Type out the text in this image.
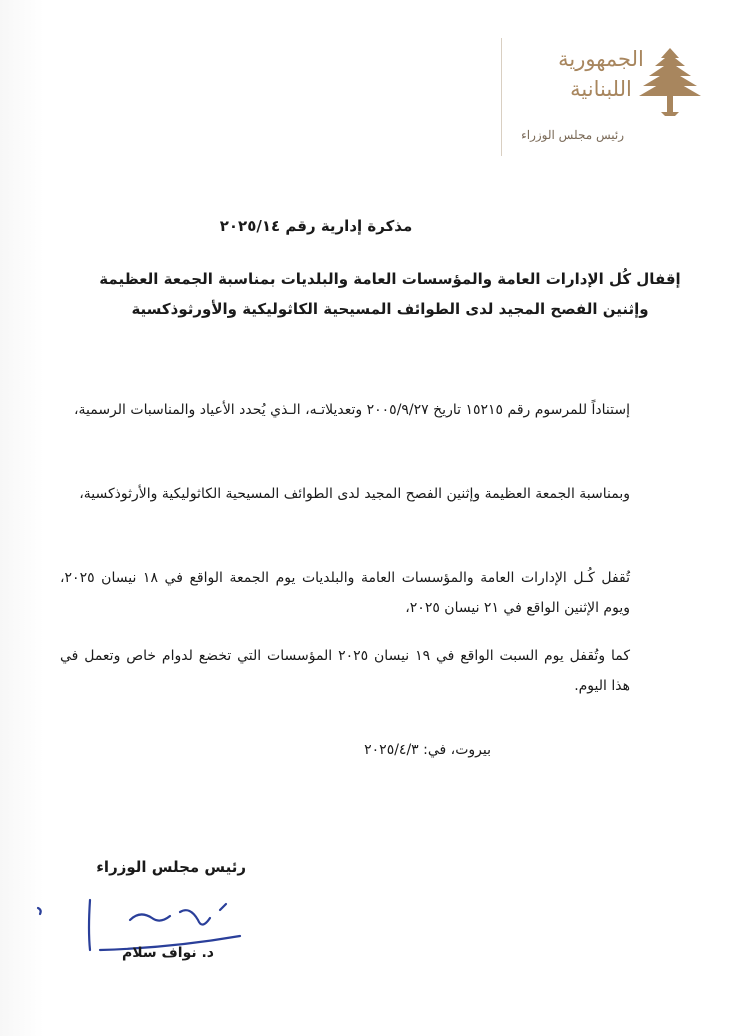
الجمهورية
اللبنانية
رئيس مجلس الوزراء
مذكرة إدارية رقم ٢٠٢٥/١٤
إقفال كُل الإدارات العامة والمؤسسات العامة والبلديات بمناسبة الجمعة العظيمة
وإثنين الفصح المجيد لدى الطوائف المسيحية الكاثوليكية والأورثوذكسية
إستناداً للمرسوم رقم ١٥٢١٥ تاريخ ٢٠٠٥/٩/٢٧ وتعديلاتـه، الـذي يُحدد الأعياد والمناسبات الرسمية،
وبمناسبة الجمعة العظيمة وإثنين الفصح المجيد لدى الطوائف المسيحية الكاثوليكية والأرثوذكسية،
تُقفل كُـل الإدارات العامة والمؤسسات العامة والبلديات يوم الجمعة الواقع في ١٨ نيسان ٢٠٢٥، ويوم الإثنين الواقع في ٢١ نيسان ٢٠٢٥،
كما وتُقفل يوم السبت الواقع في ١٩ نيسان ٢٠٢٥ المؤسسات التي تخضع لدوام خاص وتعمل في هذا اليوم.
بيروت، في: ٢٠٢٥/٤/٣
رئيس مجلس الوزراء
د. نواف سلام
